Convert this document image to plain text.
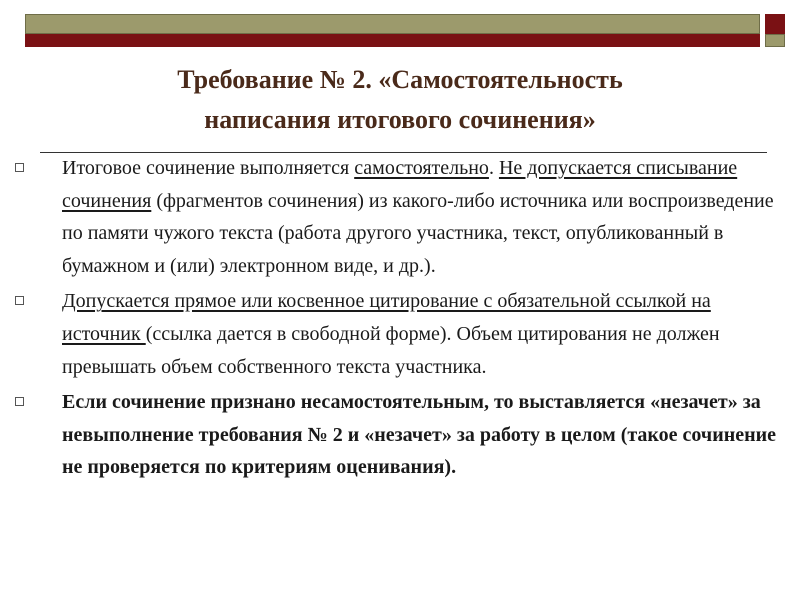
Требование № 2. «Самостоятельность
написания итогового сочинения»
Итоговое сочинение выполняется самостоятельно. Не допускается списывание сочинения (фрагментов сочинения) из какого-либо источника или воспроизведение по памяти чужого текста (работа другого участника, текст, опубликованный в бумажном и (или) электронном виде, и др.).
Допускается прямое или косвенное цитирование с обязательной ссылкой на источник (ссылка дается в свободной форме). Объем цитирования не должен превышать объем собственного текста участника.
Если сочинение признано несамостоятельным, то выставляется «незачет» за невыполнение требования № 2 и «незачет» за работу в целом (такое сочинение не проверяется по критериям оценивания).
